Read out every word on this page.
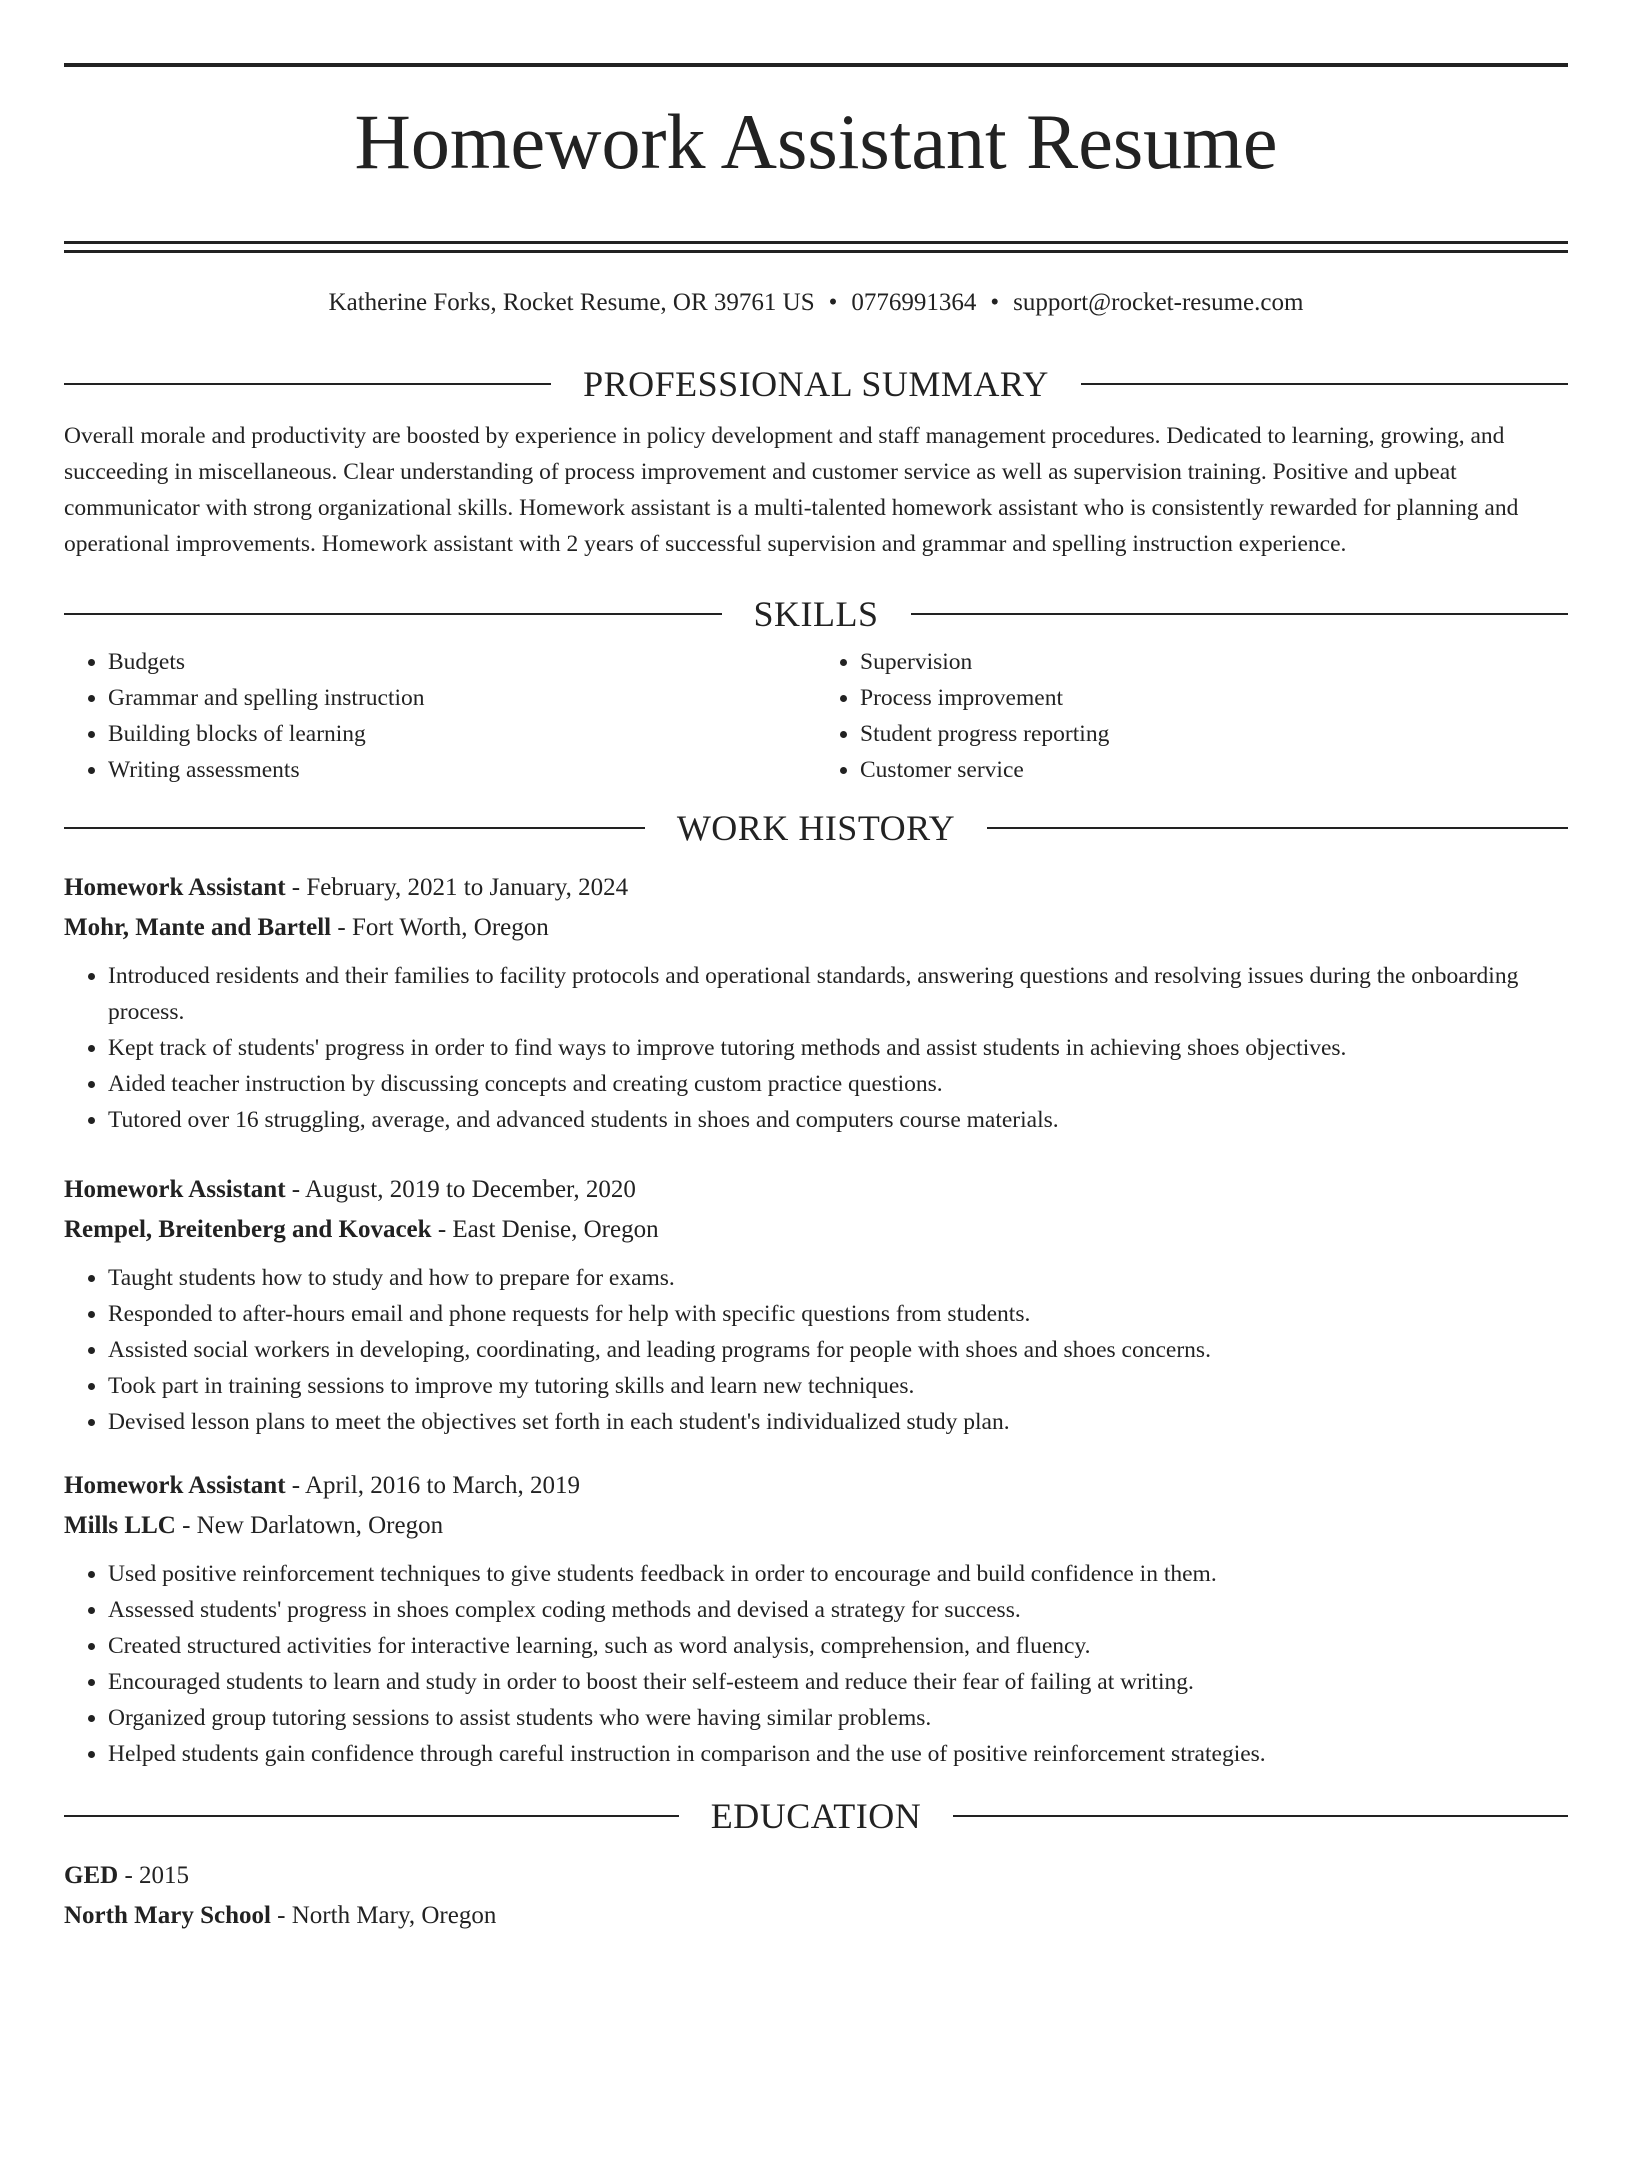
Homework Assistant Resume
Katherine Forks, Rocket Resume, OR 39761 US • 0776991364 • support@rocket-resume.com
PROFESSIONAL SUMMARY

Overall morale and productivity are boosted by experience in policy development and staff management procedures. Dedicated to learning, growing, and succeeding in miscellaneous. Clear understanding of process improvement and customer service as well as supervision training. Positive and upbeat communicator with strong organizational skills. Homework assistant is a multi-talented homework assistant who is consistently rewarded for planning and operational improvements. Homework assistant with 2 years of successful supervision and grammar and spelling instruction experience.

SKILLS
• Budgets
• Grammar and spelling instruction
• Building blocks of learning
• Writing assessments
• Supervision
• Process improvement
• Student progress reporting
• Customer service
WORK HISTORY
Homework Assistant - February, 2021 to January, 2024
Mohr, Mante and Bartell - Fort Worth, Oregon
• Introduced residents and their families to facility protocols and operational standards, answering questions and resolving issues during the onboarding process.
• Kept track of students' progress in order to find ways to improve tutoring methods and assist students in achieving shoes objectives.
• Aided teacher instruction by discussing concepts and creating custom practice questions.
• Tutored over 16 struggling, average, and advanced students in shoes and computers course materials.
Homework Assistant - August, 2019 to December, 2020
Rempel, Breitenberg and Kovacek - East Denise, Oregon
• Taught students how to study and how to prepare for exams.
• Responded to after-hours email and phone requests for help with specific questions from students.
• Assisted social workers in developing, coordinating, and leading programs for people with shoes and shoes concerns.
• Took part in training sessions to improve my tutoring skills and learn new techniques.
• Devised lesson plans to meet the objectives set forth in each student's individualized study plan.
Homework Assistant - April, 2016 to March, 2019
Mills LLC - New Darlatown, Oregon
• Used positive reinforcement techniques to give students feedback in order to encourage and build confidence in them.
• Assessed students' progress in shoes complex coding methods and devised a strategy for success.
• Created structured activities for interactive learning, such as word analysis, comprehension, and fluency.
• Encouraged students to learn and study in order to boost their self-esteem and reduce their fear of failing at writing.
• Organized group tutoring sessions to assist students who were having similar problems.
• Helped students gain confidence through careful instruction in comparison and the use of positive reinforcement strategies.
EDUCATION
GED - 2015
North Mary School - North Mary, Oregon
